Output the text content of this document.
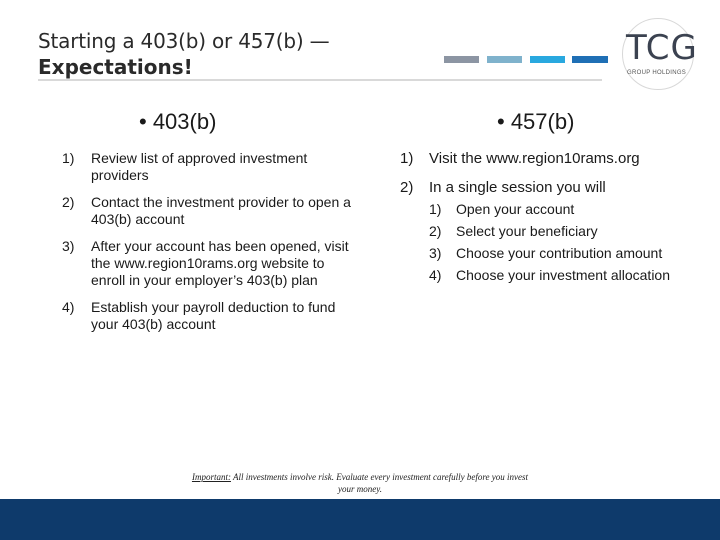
Starting a 403(b) or 457(b) —
Expectations!	TCG
GROUP HOLDINGS
• 403(b)	• 457(b)
1) Review list of approved investment providers
2) Contact the investment provider to open a 403(b) account
3) After your account has been opened, visit the www.region10rams.org website to enroll in your employer’s 403(b) plan
4) Establish your payroll deduction to fund your 403(b) account
1) Visit the www.region10rams.org
2) In a single session you will
1) Open your account
2) Select your beneficiary
3) Choose your contribution amount
4) Choose your investment allocation
Important: All investments involve risk. Evaluate every investment carefully before you invest your money.
